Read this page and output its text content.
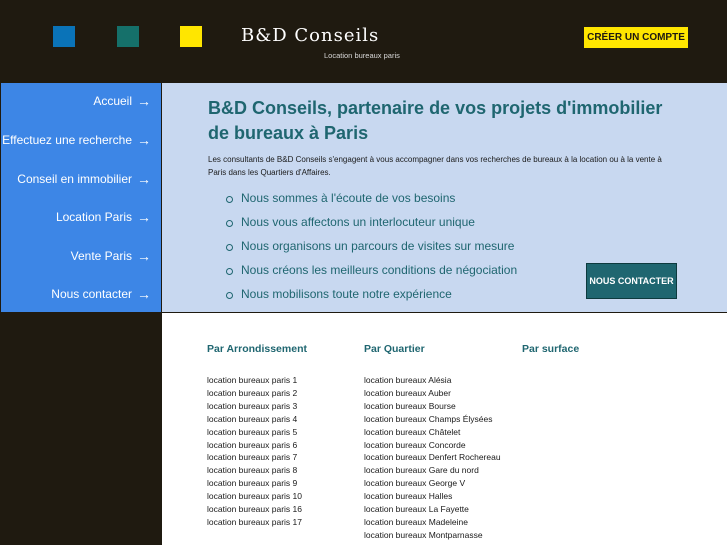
B&D Conseils
Location bureaux paris
CRÉER UN COMPTE
Accueil →
Effectuez une recherche →
Conseil en immobilier →
Location Paris →
Vente Paris →
Nous contacter →
B&D Conseils, partenaire de vos projets d'immobilier de bureaux à Paris

Les consultants de B&D Conseils s'engagent à vous accompagner dans vos recherches de bureaux à la location ou à la vente à Paris dans les Quartiers d'Affaires.

Nous sommes à l'écoute de vos besoins
Nous vous affectons un interlocuteur unique
Nous organisons un parcours de visites sur mesure
Nous créons les meilleurs conditions de négociation
Nous mobilisons toute notre expérience
NOUS CONTACTER
Par Arrondissement
location bureaux paris 1
location bureaux paris 2
location bureaux paris 3
location bureaux paris 4
location bureaux paris 5
location bureaux paris 6
location bureaux paris 7
location bureaux paris 8
location bureaux paris 9
location bureaux paris 10
location bureaux paris 16
location bureaux paris 17
Par Quartier
location bureaux Alésia
location bureaux Auber
location bureaux Bourse
location bureaux Champs Élysées
location bureaux Châtelet
location bureaux Concorde
location bureaux Denfert Rochereau
location bureaux Gare du nord
location bureaux George V
location bureaux Halles
location bureaux La Fayette
location bureaux Madeleine
location bureaux Montparnasse
Par surface
